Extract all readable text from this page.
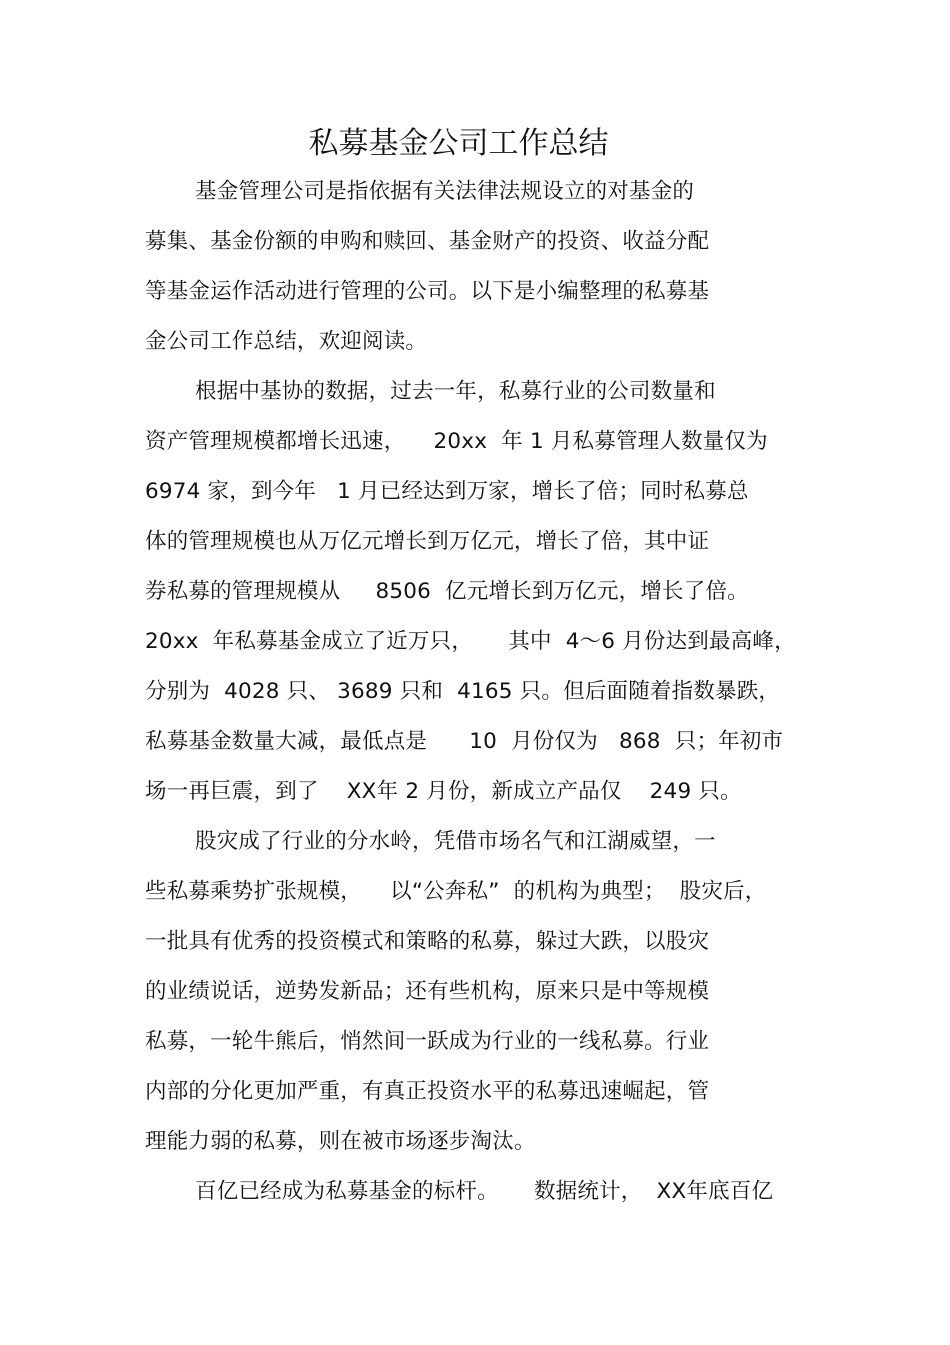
私募基金公司工作总结
基金管理公司是指依据有关法律法规设立的对基金的
募集、基金份额的申购和赎回、基金财产的投资、收益分配
等基金运作活动进行管理的公司。以下是小编整理的私募基
金公司工作总结，欢迎阅读。
根据中基协的数据，过去一年，私募行业的公司数量和
资产管理规模都增长迅速，    20xx  年 1 月私募管理人数量仅为
6974 家，到今年   1 月已经达到万家，增长了倍；同时私募总
体的管理规模也从万亿元增长到万亿元，增长了倍，其中证
券私募的管理规模从     8506  亿元增长到万亿元，增长了倍。
20xx  年私募基金成立了近万只，     其中  4～6 月份达到最高峰，
分别为  4028 只、 3689 只和  4165 只。但后面随着指数暴跌，
私募基金数量大减，最低点是      10  月份仅为   868  只；年初市
场一再巨震，到了    XX年 2 月份，新成立产品仅    249 只。
股灾成了行业的分水岭，凭借市场名气和江湖威望，一
些私募乘势扩张规模，    以“公奔私”  的机构为典型；  股灾后，
一批具有优秀的投资模式和策略的私募，躲过大跌，以股灾
的业绩说话，逆势发新品；还有些机构，原来只是中等规模
私募，一轮牛熊后，悄然间一跃成为行业的一线私募。行业
内部的分化更加严重，有真正投资水平的私募迅速崛起，管
理能力弱的私募，则在被市场逐步淘汰。
百亿已经成为私募基金的标杆。     数据统计，  XX年底百亿
